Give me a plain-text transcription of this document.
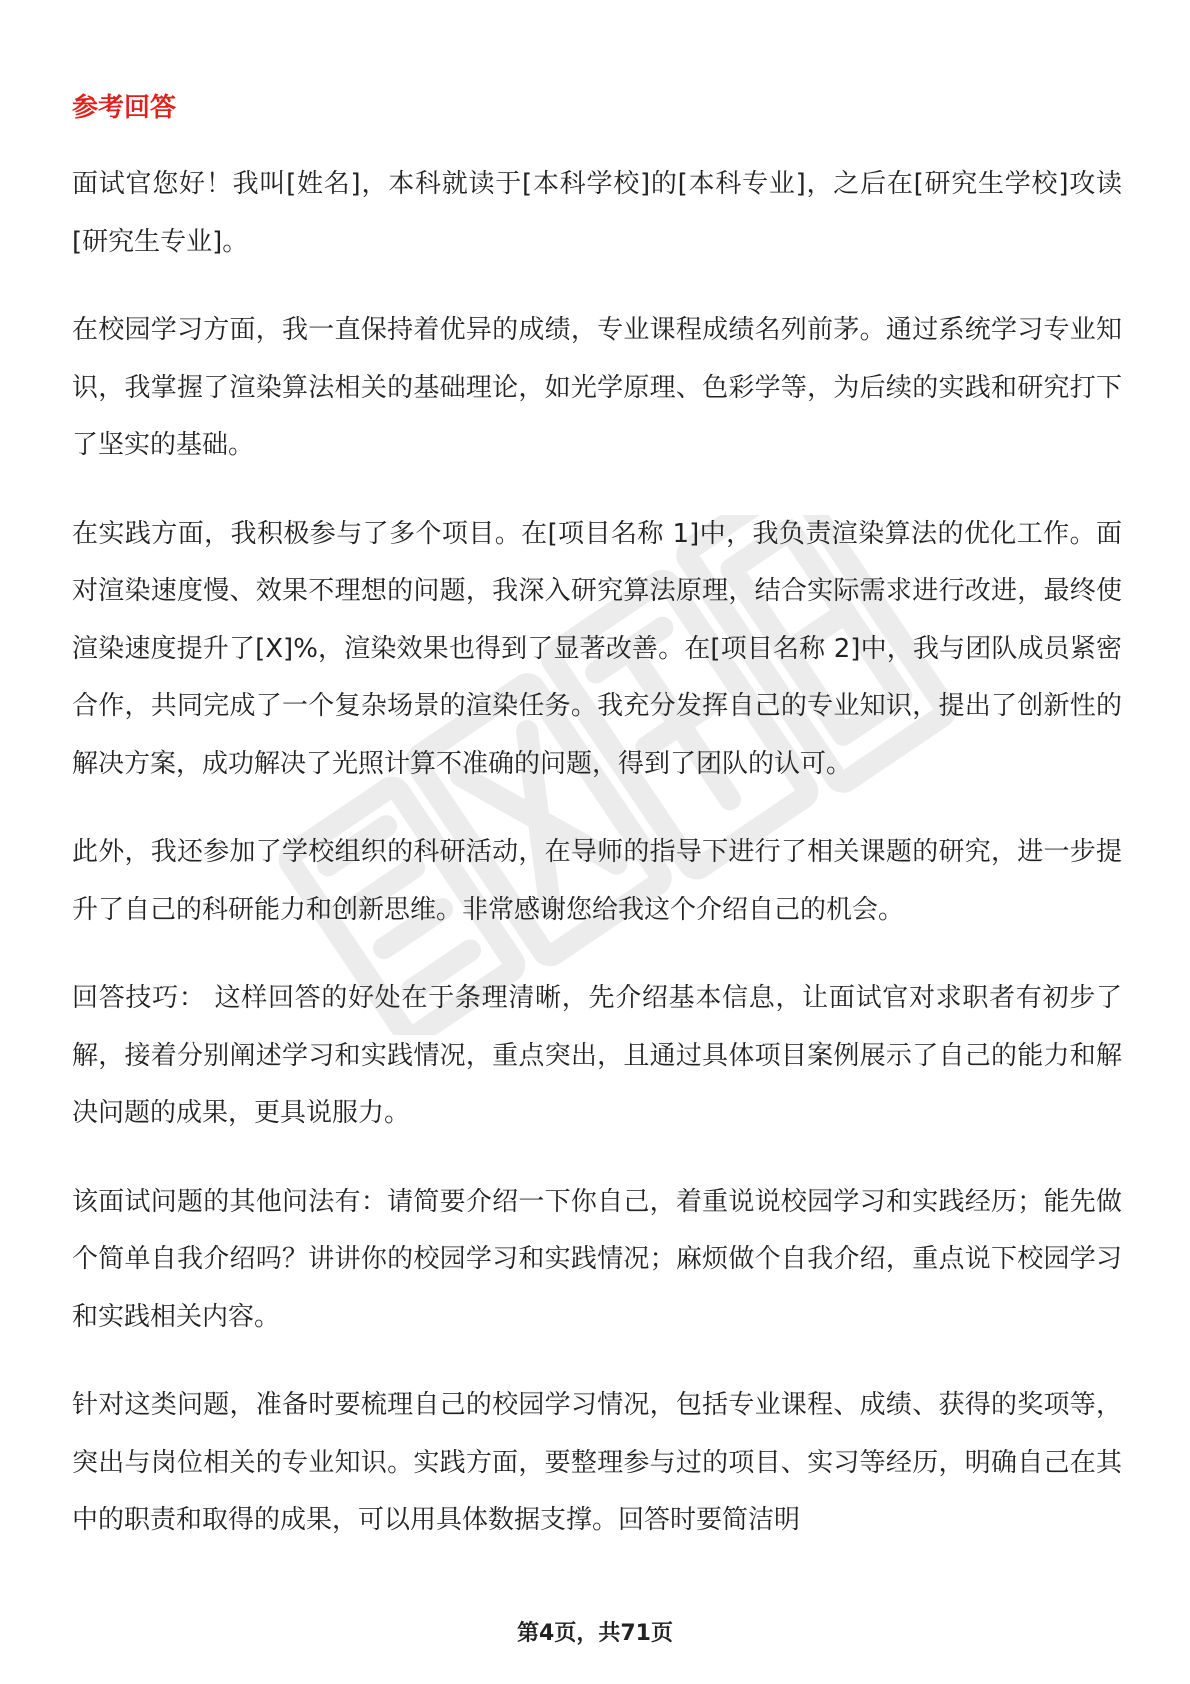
参考回答

面试官您好！我叫[姓名]，本科就读于[本科学校]的[本科专业]，之后在[研究生学校]攻读[研究生专业]。

在校园学习方面，我一直保持着优异的成绩，专业课程成绩名列前茅。通过系统学习专业知识，我掌握了渲染算法相关的基础理论，如光学原理、色彩学等，为后续的实践和研究打下了坚实的基础。

在实践方面，我积极参与了多个项目。在[项目名称 1]中，我负责渲染算法的优化工作。面对渲染速度慢、效果不理想的问题，我深入研究算法原理，结合实际需求进行改进，最终使渲染速度提升了[X]%，渲染效果也得到了显著改善。在[项目名称 2]中，我与团队成员紧密合作，共同完成了一个复杂场景的渲染任务。我充分发挥自己的专业知识，提出了创新性的解决方案，成功解决了光照计算不准确的问题，得到了团队的认可。

此外，我还参加了学校组织的科研活动，在导师的指导下进行了相关课题的研究，进一步提升了自己的科研能力和创新思维。非常感谢您给我这个介绍自己的机会。

回答技巧： 这样回答的好处在于条理清晰，先介绍基本信息，让面试官对求职者有初步了解，接着分别阐述学习和实践情况，重点突出，且通过具体项目案例展示了自己的能力和解决问题的成果，更具说服力。

该面试问题的其他问法有：请简要介绍一下你自己，着重说说校园学习和实践经历；能先做个简单自我介绍吗？讲讲你的校园学习和实践情况；麻烦做个自我介绍，重点说下校园学习和实践相关内容。

针对这类问题，准备时要梳理自己的校园学习情况，包括专业课程、成绩、获得的奖项等，突出与岗位相关的专业知识。实践方面，要整理参与过的项目、实习等经历，明确自己在其中的职责和取得的成果，可以用具体数据支撑。回答时要简洁明

第4页，共71页
